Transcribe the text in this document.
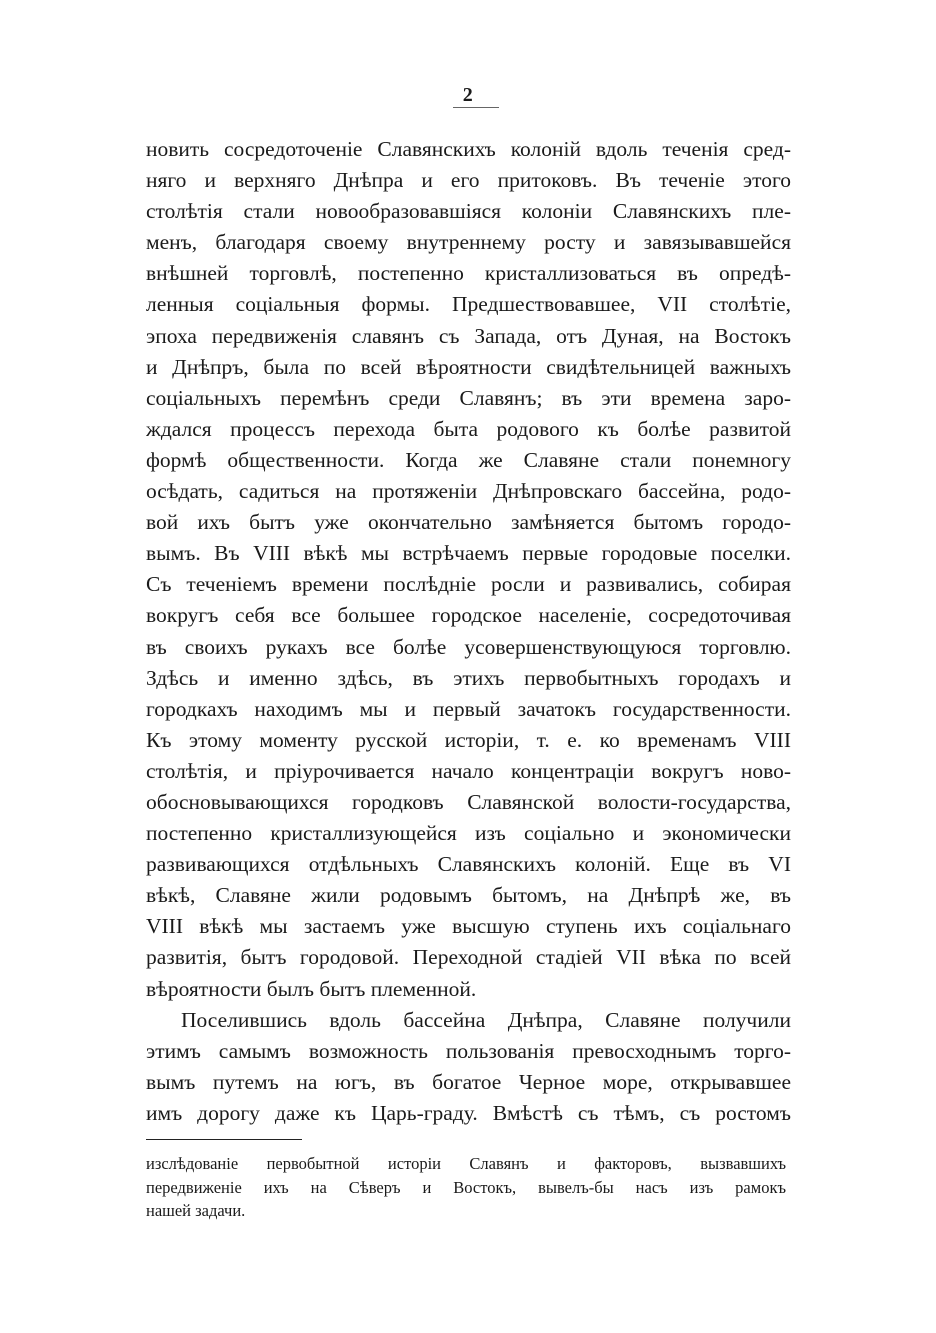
2
новить сосредоточеніе Славянскихъ колоній вдоль теченія сред-
няго и верхняго Днѣпра и его притоковъ. Въ теченіе этого
столѣтія стали новообразовавшіяся колоніи Славянскихъ пле-
менъ, благодаря своему внутреннему росту и завязывавшейся
внѣшней торговлѣ, постепенно кристаллизоваться въ опредѣ-
ленныя соціальныя формы. Предшествовавшее, VII столѣтіе,
эпоха передвиженія славянъ съ Запада, отъ Дуная, на Востокъ
и Днѣпръ, была по всей вѣроятности свидѣтельницей важныхъ
соціальныхъ перемѣнъ среди Славянъ; въ эти времена заро-
ждался процессъ перехода быта родового къ болѣе развитой
формѣ общественности. Когда же Славяне стали понемногу
осѣдать, садиться на протяженіи Днѣпровскаго бассейна, родо-
вой ихъ бытъ уже окончательно замѣняется бытомъ городо-
вымъ. Въ VIII вѣкѣ мы встрѣчаемъ первые городовые поселки.
Съ теченіемъ времени послѣдніе росли и развивались, собирая
вокругъ себя все большее городское населеніе, сосредоточивая
въ своихъ рукахъ все болѣе усовершенствующуюся торговлю.
Здѣсь и именно здѣсь, въ этихъ первобытныхъ городахъ и
городкахъ находимъ мы и первый зачатокъ государственности.
Къ этому моменту русской исторіи, т. е. ко временамъ VIII
столѣтія, и пріурочивается начало концентраціи вокругъ ново-
обосновывающихся городковъ Славянской волости-государства,
постепенно кристаллизующейся изъ соціально и экономически
развивающихся отдѣльныхъ Славянскихъ колоній. Еще въ VI
вѣкѣ, Славяне жили родовымъ бытомъ, на Днѣпрѣ же, въ
VIII вѣкѣ мы застаемъ уже высшую ступень ихъ соціальнаго
развитія, бытъ городовой. Переходной стадіей VII вѣка по всей
вѣроятности былъ бытъ племенной.
Поселившись вдоль бассейна Днѣпра, Славяне получили
этимъ самымъ возможность пользованія превосходнымъ торго-
вымъ путемъ на югъ, въ богатое Черное море, открывавшее
имъ дорогу даже къ Царь-граду. Вмѣстѣ съ тѣмъ, съ ростомъ
изслѣдованіе первобытной исторіи Славянъ и факторовъ, вызвавшихъ
передвиженіе ихъ на Сѣверъ и Востокъ, вывелъ-бы насъ изъ рамокъ
нашей задачи.
